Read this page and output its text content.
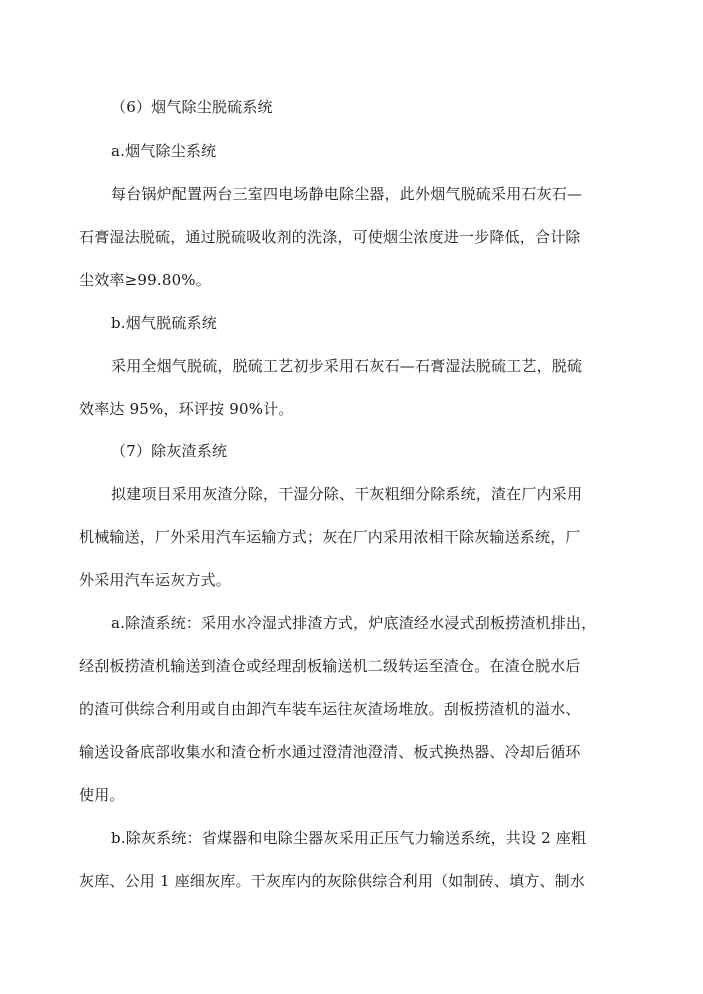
（6）烟气除尘脱硫系统
a.烟气除尘系统
每台锅炉配置两台三室四电场静电除尘器，此外烟气脱硫采用石灰石—
石膏湿法脱硫，通过脱硫吸收剂的洗涤，可使烟尘浓度进一步降低，合计除
尘效率≥99.80%。
b.烟气脱硫系统
采用全烟气脱硫，脱硫工艺初步采用石灰石—石膏湿法脱硫工艺，脱硫
效率达 95%，环评按 90%计。
（7）除灰渣系统
拟建项目采用灰渣分除，干湿分除、干灰粗细分除系统，渣在厂内采用
机械输送，厂外采用汽车运输方式；灰在厂内采用浓相干除灰输送系统，厂
外采用汽车运灰方式。
a.除渣系统：采用水冷湿式排渣方式，炉底渣经水浸式刮板捞渣机排出，
经刮板捞渣机输送到渣仓或经理刮板输送机二级转运至渣仓。在渣仓脱水后
的渣可供综合利用或自由卸汽车装车运往灰渣场堆放。刮板捞渣机的溢水、
输送设备底部收集水和渣仓析水通过澄清池澄清、板式换热器、冷却后循环
使用。
b.除灰系统：省煤器和电除尘器灰采用正压气力输送系统，共设 2 座粗
灰库、公用 1 座细灰库。干灰库内的灰除供综合利用（如制砖、填方、制水
